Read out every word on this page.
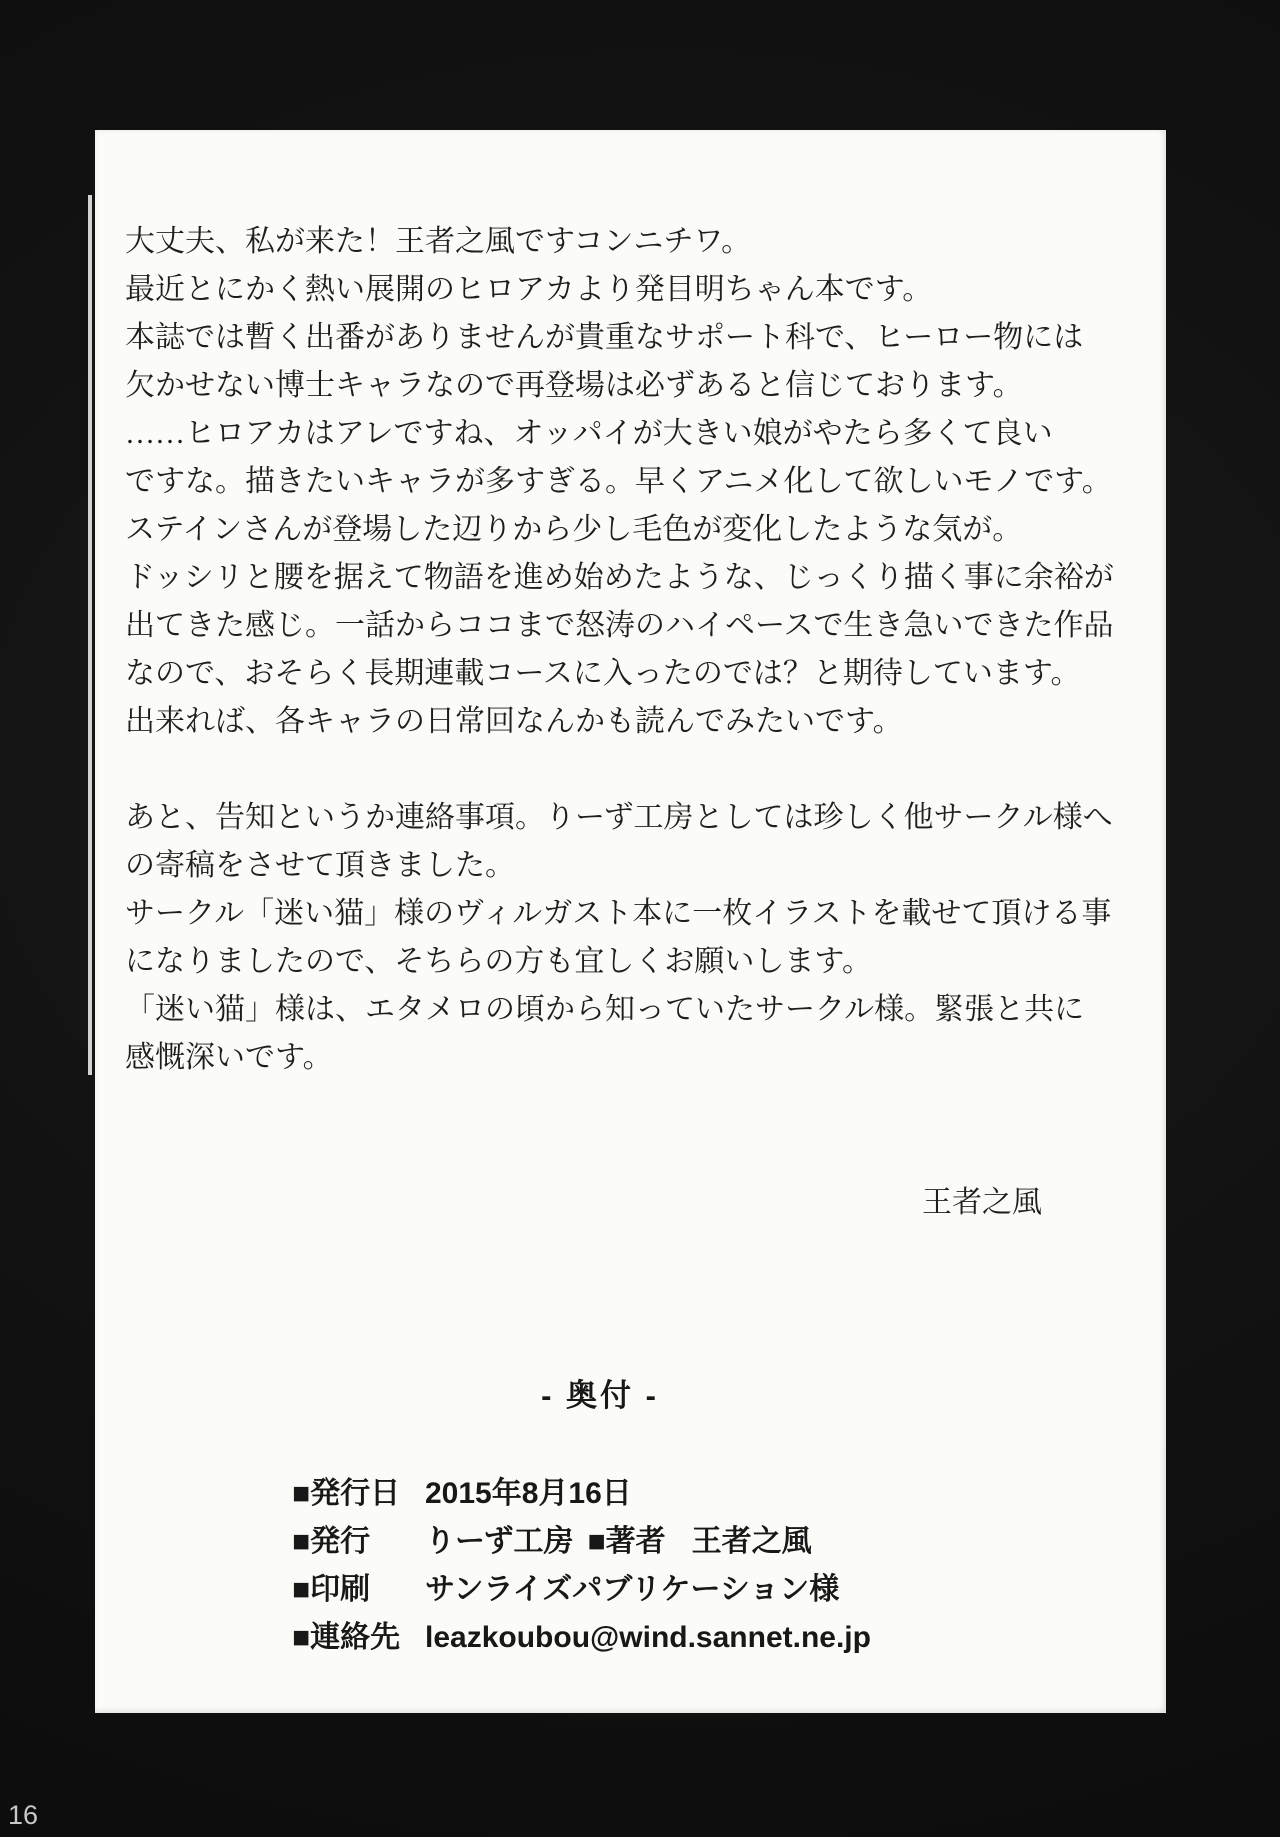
大丈夫、私が来た！王者之風ですコンニチワ。

最近とにかく熱い展開のヒロアカより発目明ちゃん本です。

本誌では暫く出番がありませんが貴重なサポート科で、ヒーロー物には

欠かせない博士キャラなので再登場は必ずあると信じております。

……ヒロアカはアレですね、オッパイが大きい娘がやたら多くて良い

ですな。描きたいキャラが多すぎる。早くアニメ化して欲しいモノです。

ステインさんが登場した辺りから少し毛色が変化したような気が。

ドッシリと腰を据えて物語を進め始めたような、じっくり描く事に余裕が

出てきた感じ。一話からココまで怒涛のハイペースで生き急いできた作品

なので、おそらく長期連載コースに入ったのでは？と期待しています。

出来れば、各キャラの日常回なんかも読んでみたいです。

あと、告知というか連絡事項。りーず工房としては珍しく他サークル様へ

の寄稿をさせて頂きました。

サークル「迷い猫」様のヴィルガスト本に一枚イラストを載せて頂ける事

になりましたので、そちらの方も宜しくお願いします。

「迷い猫」様は、エタメロの頃から知っていたサークル様。緊張と共に

感慨深いです。

王者之風

- 奥付 -
■発行日 2015年8月16日
■発行	りーず工房 ■著者 王者之風
■印刷	サンライズパブリケーション様
■連絡先 leazkoubou@wind.sannet.ne.jp
16
